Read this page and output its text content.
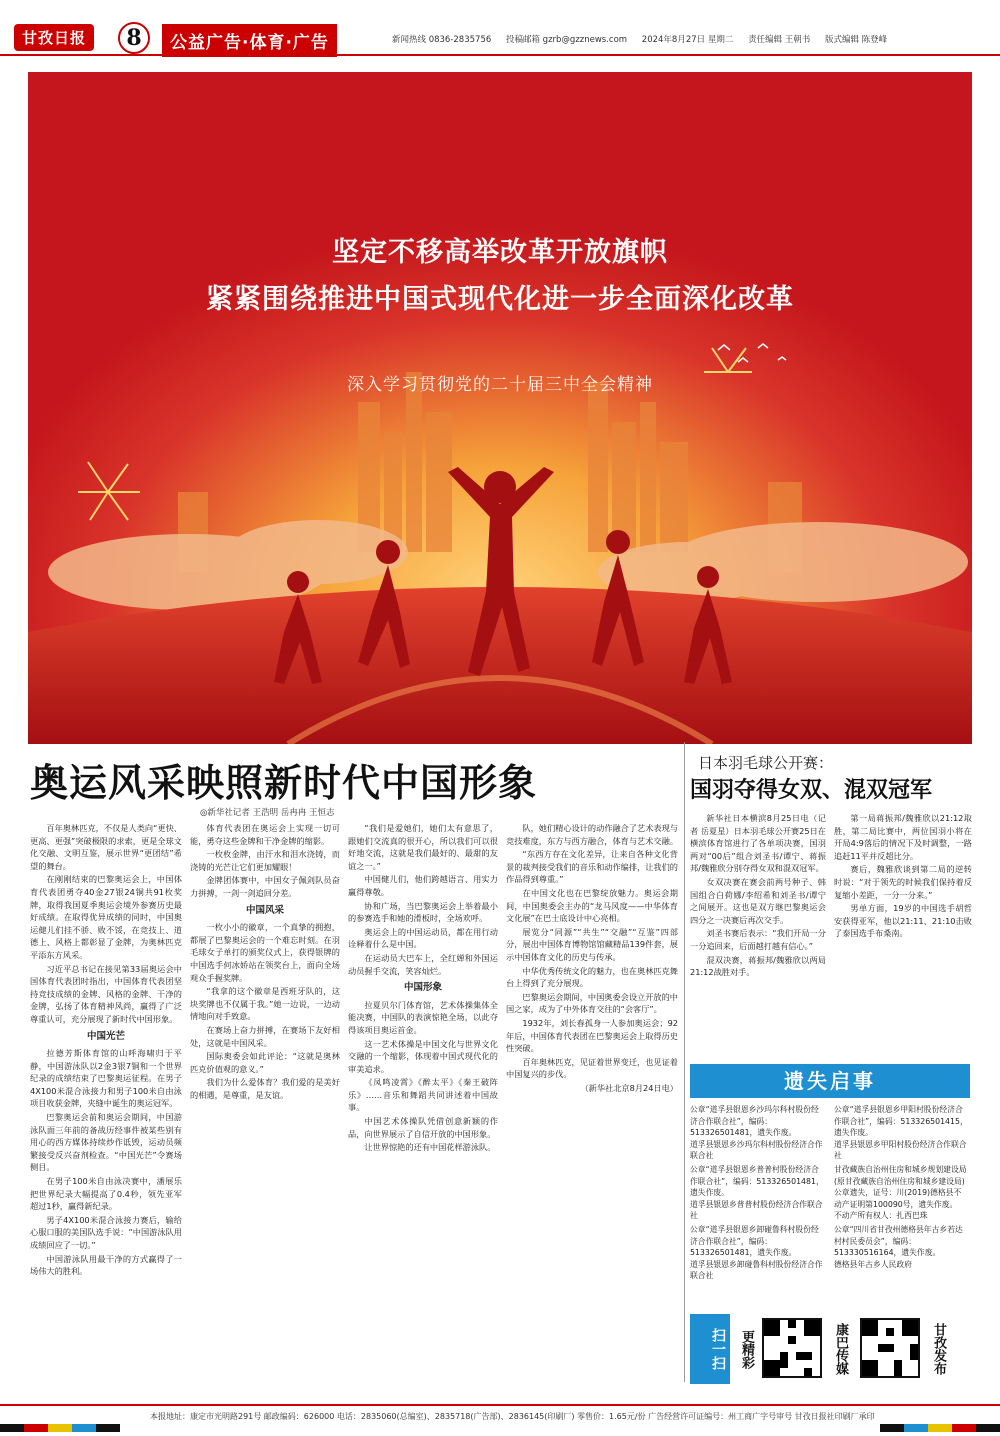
甘孜日报	8	公益广告·体育·广告	新闻热线 0836-2835756 投稿邮箱 gzrb@gzznews.com 2024年8月27日 星期二 责任编辑 王朝书 版式编辑 陈登峰
坚定不移高举改革开放旗帜
紧紧围绕推进中国式现代化进一步全面深化改革
深入学习贯彻党的二十届三中全会精神
奥运风采映照新时代中国形象
◎新华社记者 王浩明 岳冉冉 王恒志

百年奥林匹克，不仅是人类向“更快、更高、更强”突破极限的求索，更是全球文化交融、文明互鉴，展示世界“更团结”希望的舞台。

在刚刚结束的巴黎奥运会上，中国体育代表团勇夺40金27银24铜共91枚奖牌，取得我国夏季奥运会境外参赛历史最好成绩。在取得优异成绩的同时，中国奥运健儿们挂不骄、败不馁，在竞技上、道德上、风格上都彰显了金牌，为奥林匹克平添东方风采。

习近平总书记在接见第33届奥运会中国体育代表团时指出，中国体育代表团坚持竞技成绩的金牌、风格的金牌、干净的金牌，弘扬了体育精神风尚，赢得了广泛尊重认可，充分展现了新时代中国形象。

中国光芒

拉德芳斯体育馆的山呼海啸归于平静，中国游泳队以2金3银7铜和一个世界纪录的成绩结束了巴黎奥运征程。在男子4X100米混合泳接力和男子100米自由泳项目收获金牌，夹缝中诞生的奥运冠军。

巴黎奥运会前和奥运会期间，中国游泳队面三年前的备战历经事件被某些别有用心的西方媒体持续炒作诋毁，运动员频繁接受反兴奋剂检查。“中国光芒”令赛场侧目。

在男子100米自由泳决赛中，潘展乐把世界纪录大幅提高了0.4秒，领先亚军超过1秒，赢得新纪录。

男子4X100米混合泳接力赛后，输给心服口服的美国队选手说：“中国游泳队用成绩回应了一切。”

中国游泳队用最干净的方式赢得了一场伟大的胜利。

体育代表团在奥运会上实现一切可能，勇夺这些金牌和干净金牌的缩影。

一枚枚金牌，由汗水和泪水浇铸，而浇铸的光芒让它们更加耀眼！

金牌团体赛中，中国女子佩剑队员奋力拼搏，一剑一剑追回分差。

中国风采

一枚小小的徽章，一个真挚的拥抱，都展了巴黎奥运会的一个难忘时刻。在羽毛球女子单打的颁奖仪式上，获得银牌的中国选手何冰娇站在领奖台上，面向全场观众手握奖牌。

“我拿的这个徽章是西班牙队的，这块奖牌也不仅属于我。”她一边说，一边动情地向对手致意。

在赛场上奋力拼搏，在赛场下友好相处，这就是中国风采。

国际奥委会如此评论：“这就是奥林匹克价值观的意义。”

我们为什么爱体育？我们爱的是美好的相遇，是尊重，是友谊。

“我们是爱她们，她们太有意思了，跟她们交流真的很开心，所以我们可以很好地交流，这就是我们最好的、最甜的友谊之一。”

中国健儿们，他们跨越语言、用实力赢得尊敬。

协和广场，当巴黎奥运会上举着最小的参赛选手和她的滑板时，全场欢呼。

奥运会上的中国运动员，都在用行动诠释着什么是中国。

在运动员大巴车上，全红婵和外国运动员握手交流，笑容灿烂。

中国形象

拉夏贝尔门体育馆，艺术体操集体全能决赛，中国队的表演惊艳全场，以此夺得该项目奥运首金。

这一艺术体操是中国文化与世界文化交融的一个缩影，体现着中国式现代化的审美追求。

《凤鸣凌霄》《醉太平》《秦王破阵乐》……音乐和舞蹈共同讲述着中国故事。

中国艺术体操队凭借创意新颖的作品，向世界展示了自信开放的中国形象。

让世界惊艳的还有中国花样游泳队。

队，她们精心设计的动作融合了艺术表现与竞技难度，东方与西方融合，体育与艺术交融。

“东西方存在文化差异，让来自各种文化背景的裁判接受我们的音乐和动作编排，让我们的作品得到尊重。”

在中国文化也在巴黎绽放魅力。奥运会期间，中国奥委会主办的“龙马风度——中华体育文化展”在巴士底设计中心亮相。

展览分“同源”“共生”“交融”“互鉴”四部分，展出中国体育博物馆馆藏精品139件套，展示中国体育文化的历史与传承。

中华优秀传统文化的魅力，也在奥林匹克舞台上得到了充分展现。

巴黎奥运会期间，中国奥委会设立开放的中国之家，成为了中外体育交往的“会客厅”。

1932年，刘长春孤身一人参加奥运会；92年后，中国体育代表团在巴黎奥运会上取得历史性突破。

百年奥林匹克，见证着世界变迁，也见证着中国复兴的步伐。

（新华社北京8月24日电）

日本羽毛球公开赛：
国羽夺得女双、混双冠军

新华社日本横滨8月25日电（记者 岳夏星）日本羽毛球公开赛25日在横滨体育馆进行了各单项决赛，国羽两对“00后”组合刘圣书/谭宁、蒋振邦/魏雅欣分别夺得女双和混双冠军。

女双决赛在赛会前两号种子、韩国组合白荷娜/李绍希和刘圣书/谭宁之间展开。这也是双方继巴黎奥运会四分之一决赛后再次交手。

刘圣书赛后表示：“我们开局一分一分追回来，后面越打越有信心。”

混双决赛，蒋振邦/魏雅欣以两局21:12战胜对手。

第一局蒋振邦/魏雅欣以21:12取胜，第二局比赛中，两位国羽小将在开局4:9落后的情况下及时调整，一路追赶11平并反超比分。

赛后，魏雅欣谈到第二局的逆转时说：“对于领先的时候我们保持着反复缩小差距，一分一分来。”

男单方面，19岁的中国选手胡哲安获得亚军，他以21:11、21:10击败了泰国选手布桑南。

遗失启事
公章“道孚县银恩乡沙玛尔科村股份经济合作联合社”，编码：513326501481，遗失作废。
道孚县银恩乡沙玛尔科村股份经济合作联合社
公章“道孚县银恩乡普普村股份经济合作联合社”，编码：513326501481，遗失作废。
道孚县银恩乡普普村股份经济合作联合社
公章“道孚县银恩乡卸碰鲁科村股份经济合作联合社”，编码：513326501481，遗失作废。
道孚县银恩乡卸碰鲁科村股份经济合作联合社
公章“道孚县银恩乡甲阳村股份经济合作联合社”，编码：513326501415，遗失作废。
道孚县银恩乡甲阳村股份经济合作联合社
甘孜藏族自治州住房和城乡规划建设局(原甘孜藏族自治州住房和城乡建设局)公章遗失，证号：川(2019)德格县不动产证明第100090号，遗失作废。
不动产所有权人：扎西巴珠
公章“四川省甘孜州德格县年古乡若达村村民委员会”，编码：513330516164，遗失作废。
德格县年古乡人民政府
扫一扫	更精彩	康巴传媒	甘孜发布
本报地址：康定市光明路291号 邮政编码：626000 电话：2835060(总编室)、2835718(广告部)、2836145(印刷厂) 零售价：1.65元/份 广告经营许可证编号：州工商广字号审号 甘孜日报社印刷厂承印
